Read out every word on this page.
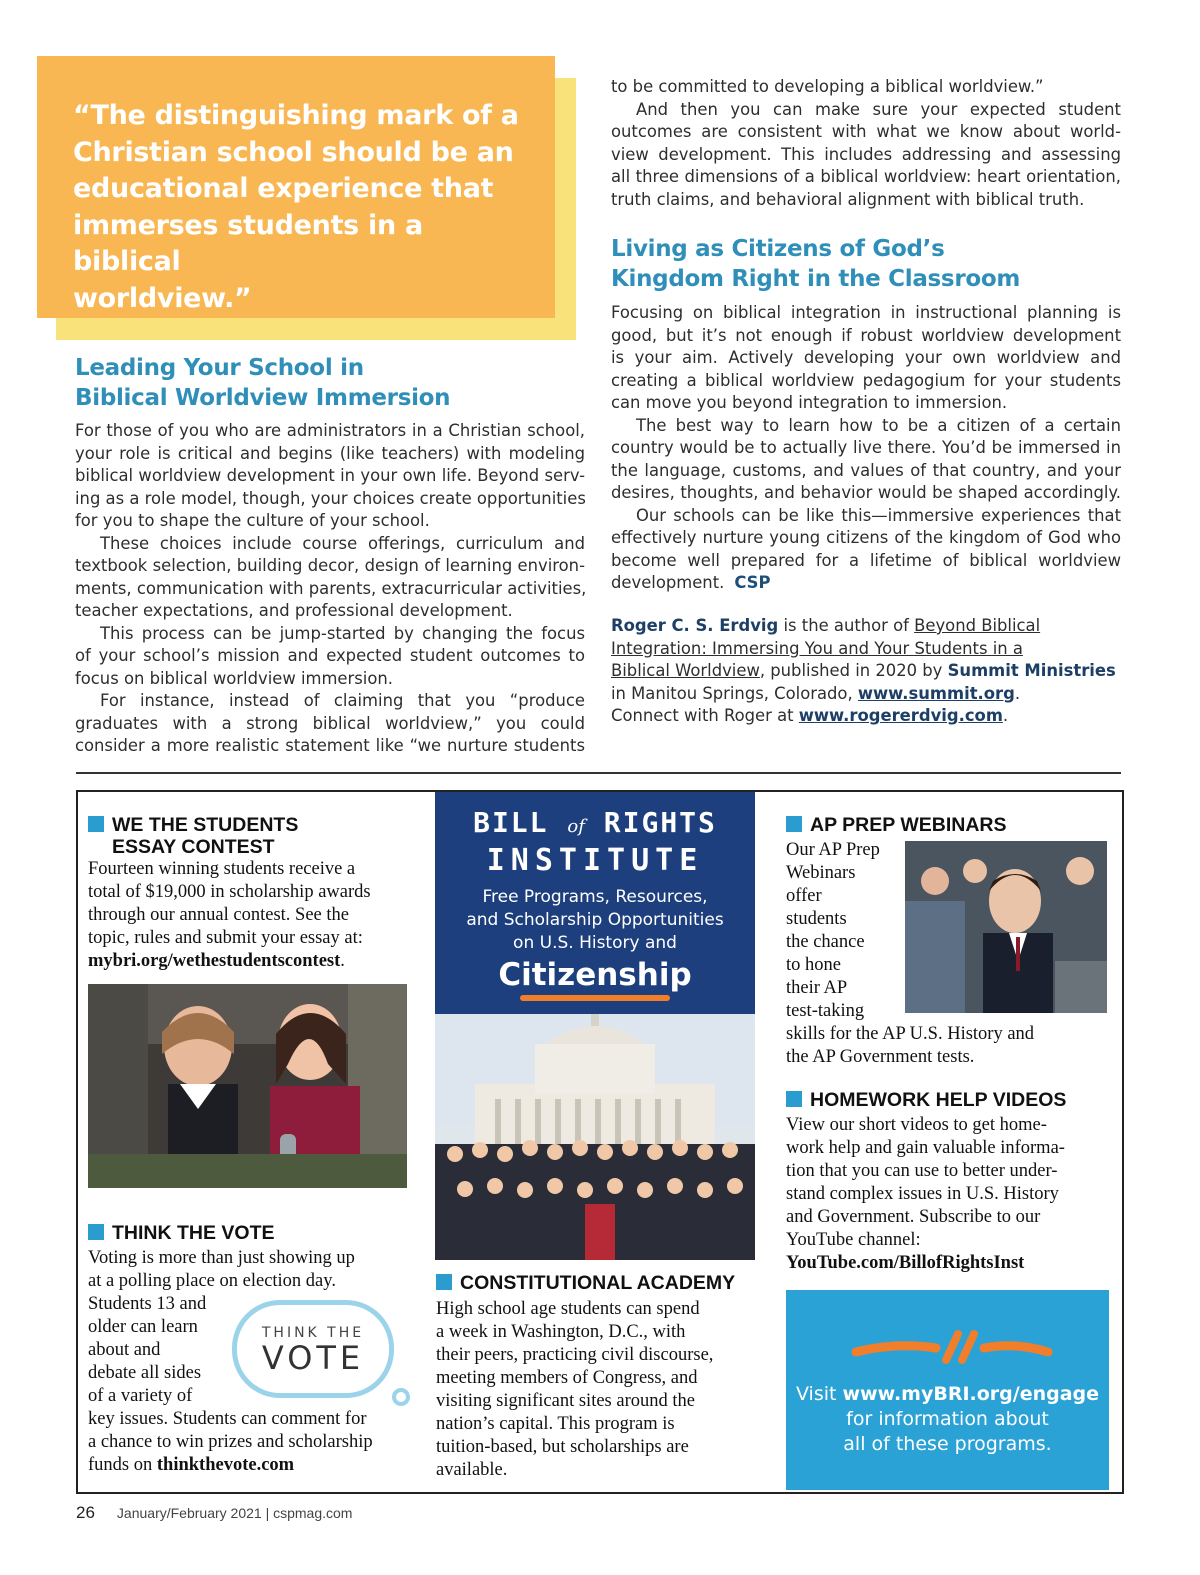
“The distinguishing mark of a
Christian school should be an
educational experience that
immerses students in a biblical
worldview.”
Leading Your School in
Biblical Worldview Immersion
For those of you who are administrators in a Christian school,
your role is critical and begins (like teachers) with modeling
biblical worldview development in your own life. Beyond serv-
ing as a role model, though, your choices create opportunities
for you to shape the culture of your school.
These choices include course offerings, curriculum and
textbook selection, building decor, design of learning environ-
ments, communication with parents, extracurricular activities,
teacher expectations, and professional development.
This process can be jump-started by changing the focus
of your school’s mission and expected student outcomes to
focus on biblical worldview immersion.
For instance, instead of claiming that you “produce
graduates with a strong biblical worldview,” you could
consider a more realistic statement like “we nurture students
to be committed to developing a biblical worldview.”
And then you can make sure your expected student
outcomes are consistent with what we know about world-
view development. This includes addressing and assessing
all three dimensions of a biblical worldview: heart orientation,
truth claims, and behavioral alignment with biblical truth.
Living as Citizens of God’s
Kingdom Right in the Classroom
Focusing on biblical integration in instructional planning is
good, but it’s not enough if robust worldview development
is your aim. Actively developing your own worldview and
creating a biblical worldview pedagogium for your students
can move you beyond integration to immersion.
The best way to learn how to be a citizen of a certain
country would be to actually live there. You’d be immersed in
the language, customs, and values of that country, and your
desires, thoughts, and behavior would be shaped accordingly.
Our schools can be like this—immersive experiences that
effectively nurture young citizens of the kingdom of God who
become well prepared for a lifetime of biblical worldview
development. CSP
Roger C. S. Erdvig is the author of Beyond Biblical
Integration: Immersing You and Your Students in a
Biblical Worldview, published in 2020 by Summit Ministries
in Manitou Springs, Colorado, www.summit.org.
Connect with Roger at www.rogererdvig.com.
WE THE STUDENTS
ESSAY CONTEST
Fourteen winning students receive a
total of $19,000 in scholarship awards
through our annual contest. See the
topic, rules and submit your essay at:
mybri.org/wethestudentscontest.
THINK THE VOTE
Voting is more than just showing up
at a polling place on election day.
Students 13 and
older can learn
about and
debate all sides
of a variety of
key issues. Students can comment for
a chance to win prizes and scholarship
funds on thinkthevote.com
THINK THE
VOTE
BILL of RIGHTS
INSTITUTE
Free Programs, Resources,
and Scholarship Opportunities
on U.S. History and
Citizenship
CONSTITUTIONAL ACADEMY
High school age students can spend
a week in Washington, D.C., with
their peers, practicing civil discourse,
meeting members of Congress, and
visiting significant sites around the
nation’s capital. This program is
tuition-based, but scholarships are
available.
AP PREP WEBINARS
Our AP Prep
Webinars
offer
students
the chance
to hone
their AP
test-taking
skills for the AP U.S. History and
the AP Government tests.
HOMEWORK HELP VIDEOS
View our short videos to get home-
work help and gain valuable informa-
tion that you can use to better under-
stand complex issues in U.S. History
and Government. Subscribe to our
YouTube channel:
YouTube.com/BillofRightsInst
Visit www.myBRI.org/engage
for information about
all of these programs.
26 January/February 2021 | cspmag.com
